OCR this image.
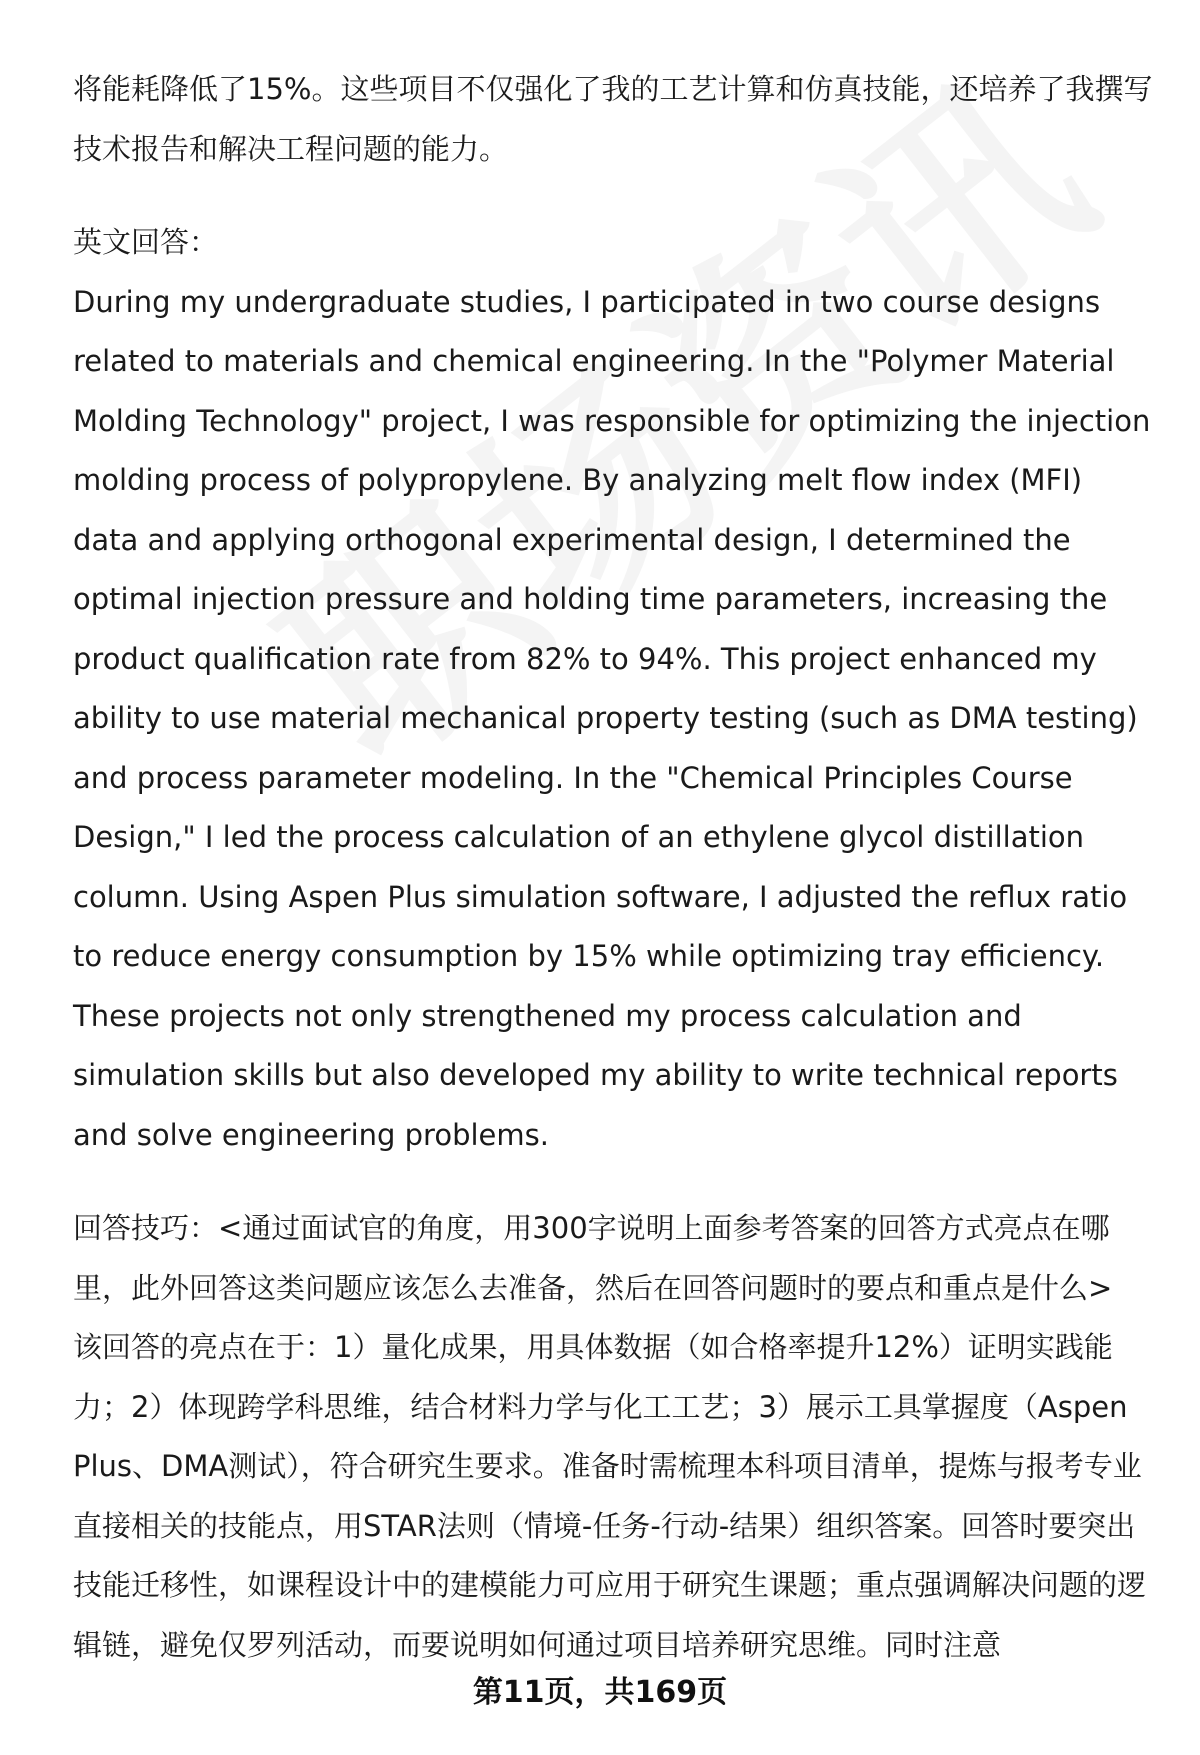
将能耗降低了15%。这些项目不仅强化了我的工艺计算和仿真技能，还培养了我撰写技术报告和解决工程问题的能力。

英文回答：

During my undergraduate studies, I participated in two course designs related to materials and chemical engineering. In the "Polymer Material Molding Technology" project, I was responsible for optimizing the injection molding process of polypropylene. By analyzing melt flow index (MFI) data and applying orthogonal experimental design, I determined the optimal injection pressure and holding time parameters, increasing the product qualification rate from 82% to 94%. This project enhanced my ability to use material mechanical property testing (such as DMA testing) and process parameter modeling. In the "Chemical Principles Course Design," I led the process calculation of an ethylene glycol distillation column. Using Aspen Plus simulation software, I adjusted the reflux ratio to reduce energy consumption by 15% while optimizing tray efficiency. These projects not only strengthened my process calculation and simulation skills but also developed my ability to write technical reports and solve engineering problems.

回答技巧：<通过面试官的角度，用300字说明上面参考答案的回答方式亮点在哪里，此外回答这类问题应该怎么去准备，然后在回答问题时的要点和重点是什么>

该回答的亮点在于：1）量化成果，用具体数据（如合格率提升12%）证明实践能力；2）体现跨学科思维，结合材料力学与化工工艺；3）展示工具掌握度（Aspen Plus、DMA测试），符合研究生要求。准备时需梳理本科项目清单，提炼与报考专业直接相关的技能点，用STAR法则（情境-任务-行动-结果）组织答案。回答时要突出技能迁移性，如课程设计中的建模能力可应用于研究生课题；重点强调解决问题的逻辑链，避免仅罗列活动，而要说明如何通过项目培养研究思维。同时注意

第11页，共169页
